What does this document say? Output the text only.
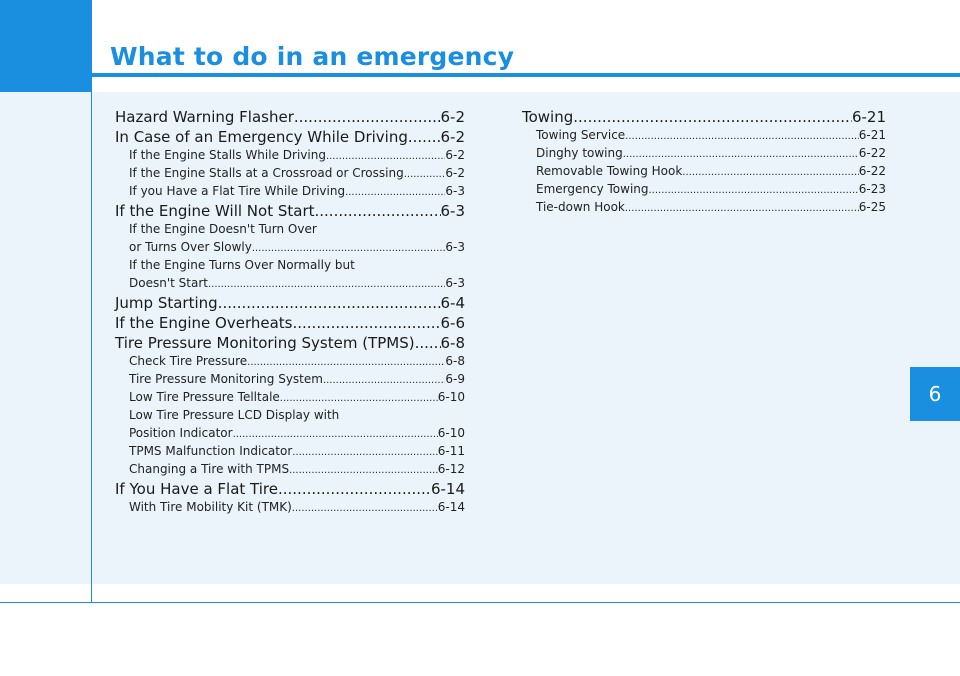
What to do in an emergency
Hazard Warning Flasher .....	6-2
In Case of an Emergency While Driving ..... 6-2
If the Engine Stalls While Driving .....	6-2
If the Engine Stalls at a Crossroad or Crossing .....	6-2
If you Have a Flat Tire While Driving .....	6-3
If the Engine Will Not Start .....	6-3
If the Engine Doesn't Turn Over
or Turns Over Slowly .....	6-3
If the Engine Turns Over Normally but
Doesn't Start .....	6-3
Jump Starting .....	6-4
If the Engine Overheats .....	6-6
Tire Pressure Monitoring System (TPMS) ..... 6-8
Check Tire Pressure .....	6-8
Tire Pressure Monitoring System .....	6-9
Low Tire Pressure Telltale .....	6-10
Low Tire Pressure LCD Display with
Position Indicator .....	6-10
TPMS Malfunction Indicator .....	6-11
Changing a Tire with TPMS .....	6-12
If You Have a Flat Tire .....	6-14
With Tire Mobility Kit (TMK) .....	6-14
Towing .....	6-21
Towing Service .....	6-21
Dinghy towing .....	6-22
Removable Towing Hook .....	6-22
Emergency Towing .....	6-23
Tie-down Hook .....	6-25
6
